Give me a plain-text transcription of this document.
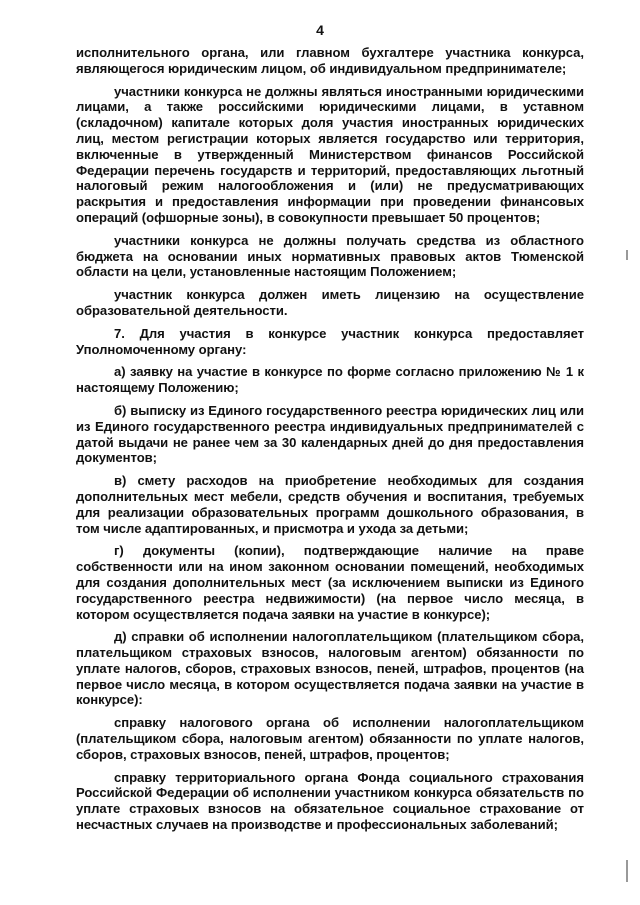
4

исполнительного органа, или главном бухгалтере участника конкурса, являющегося юридическим лицом, об индивидуальном предпринимателе;

участники конкурса не должны являться иностранными юридическими лицами, а также российскими юридическими лицами, в уставном (складочном) капитале которых доля участия иностранных юридических лиц, местом регистрации которых является государство или территория, включенные в утвержденный Министерством финансов Российской Федерации перечень государств и территорий, предоставляющих льготный налоговый режим налогообложения и (или) не предусматривающих раскрытия и предоставления информации при проведении финансовых операций (офшорные зоны), в совокупности превышает 50 процентов;

участники конкурса не должны получать средства из областного бюджета на основании иных нормативных правовых актов Тюменской области на цели, установленные настоящим Положением;

участник конкурса должен иметь лицензию на осуществление образовательной деятельности.

7. Для участия в конкурсе участник конкурса предоставляет Уполномоченному органу:

а) заявку на участие в конкурсе по форме согласно приложению № 1 к настоящему Положению;

б) выписку из Единого государственного реестра юридических лиц или из Единого государственного реестра индивидуальных предпринимателей с датой выдачи не ранее чем за 30 календарных дней до дня предоставления документов;

в) смету расходов на приобретение необходимых для создания дополнительных мест мебели, средств обучения и воспитания, требуемых для реализации образовательных программ дошкольного образования, в том числе адаптированных, и присмотра и ухода за детьми;

г) документы (копии), подтверждающие наличие на праве собственности или на ином законном основании помещений, необходимых для создания дополнительных мест (за исключением выписки из Единого государственного реестра недвижимости) (на первое число месяца, в котором осуществляется подача заявки на участие в конкурсе);

д) справки об исполнении налогоплательщиком (плательщиком сбора, плательщиком страховых взносов, налоговым агентом) обязанности по уплате налогов, сборов, страховых взносов, пеней, штрафов, процентов (на первое число месяца, в котором осуществляется подача заявки на участие в конкурсе):

справку налогового органа об исполнении налогоплательщиком (плательщиком сбора, налоговым агентом) обязанности по уплате налогов, сборов, страховых взносов, пеней, штрафов, процентов;

справку территориального органа Фонда социального страхования Российской Федерации об исполнении участником конкурса обязательств по уплате страховых взносов на обязательное социальное страхование от несчастных случаев на производстве и профессиональных заболеваний;
